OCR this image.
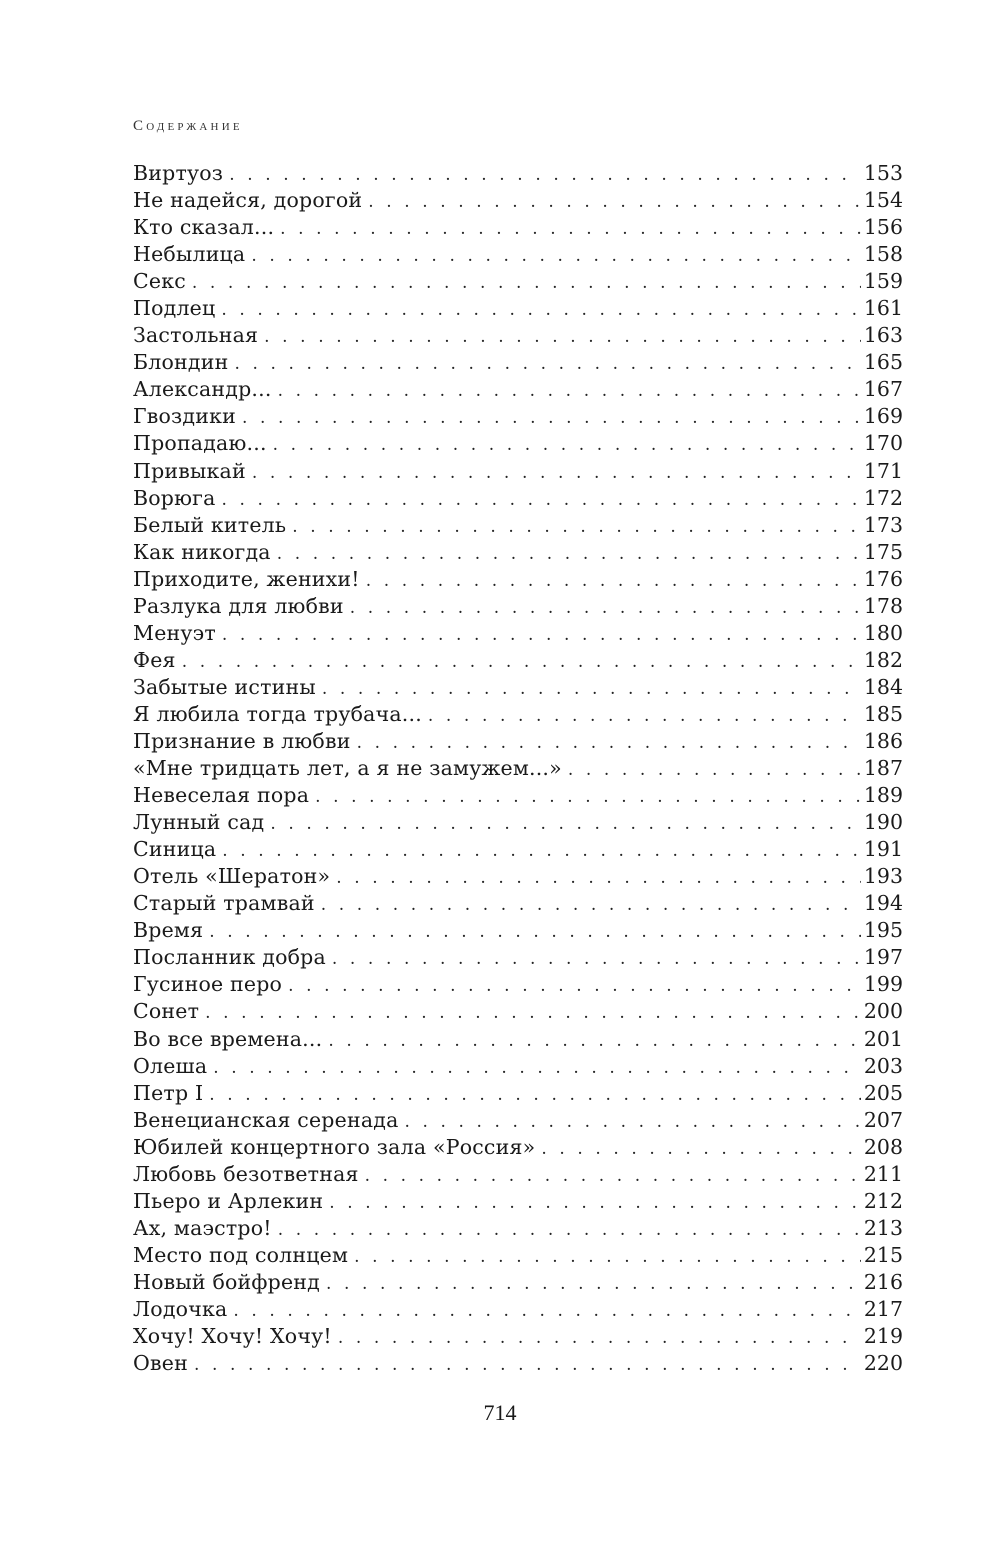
Содержание
Виртуоз . . .	153
Не надейся, дорогой . . .	154
Кто сказал... . . .	156
Небылица . . .	158
Секс . . .	159
Подлец . . .	161
Застольная . . .	163
Блондин . . .	165
Александр... . . .	167
Гвоздики . . .	169
Пропадаю... . . .	170
Привыкай . . .	171
Ворюга . . .	172
Белый китель . . .	173
Как никогда . . .	175
Приходите, женихи! . . .	176
Разлука для любви . . .	178
Менуэт . . .	180
Фея . . .	182
Забытые истины . . .	184
Я любила тогда трубача... . . .	185
Признание в любви . . .	186
«Мне тридцать лет, а я не замужем...» . . .	187
Невеселая пора . . .	189
Лунный сад . . .	190
Синица . . .	191
Отель «Шератон» . . .	193
Старый трамвай . . .	194
Время . . .	195
Посланник добра . . .	197
Гусиное перо . . .	199
Сонет . . .	200
Во все времена... . . .	201
Олеша . . .	203
Петр I . . .	205
Венецианская серенада . . .	207
Юбилей концертного зала «Россия» . . .	208
Любовь безответная . . .	211
Пьеро и Арлекин . . .	212
Ах, маэстро! . . .	213
Место под солнцем . . .	215
Новый бойфренд . . .	216
Лодочка . . .	217
Хочу! Хочу! Хочу! . . .	219
Овен . . .	220
714
